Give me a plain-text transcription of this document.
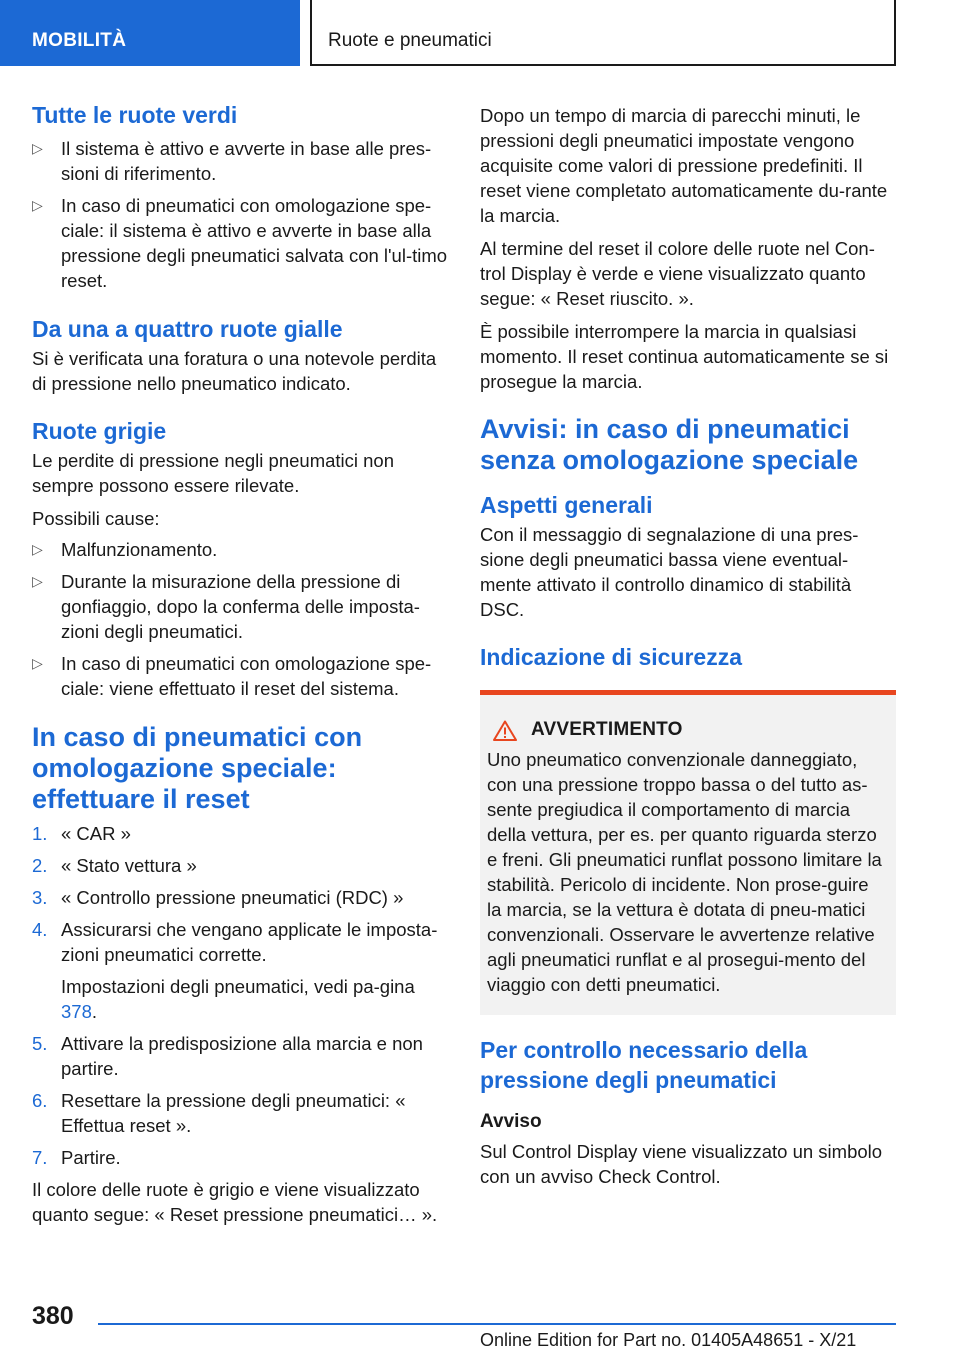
MOBILITÀ	Ruote e pneumatici
Tutte le ruote verdi
▷ Il sistema è attivo e avverte in base alle pres-sioni di riferimento.
▷ In caso di pneumatici con omologazione spe-ciale: il sistema è attivo e avverte in base alla pressione degli pneumatici salvata con l'ul-timo reset.
Da una a quattro ruote gialle

Si è verificata una foratura o una notevole perdita di pressione nello pneumatico indicato.

Ruote grigie

Le perdite di pressione negli pneumatici non sempre possono essere rilevate.

Possibili cause:

▷ Malfunzionamento.
▷ Durante la misurazione della pressione di gonfiaggio, dopo la conferma delle imposta-zioni degli pneumatici.
▷ In caso di pneumatici con omologazione spe-ciale: viene effettuato il reset del sistema.
In caso di pneumatici con omologazione speciale: effettuare il reset
1. « CAR »
2. « Stato vettura »
3. « Controllo pressione pneumatici (RDC) »
4. Assicurarsi che vengano applicate le imposta-zioni pneumatici corrette.
Impostazioni degli pneumatici, vedi pa-gina 378.
5. Attivare la predisposizione alla marcia e non partire.
6. Resettare la pressione degli pneumatici: « Effettua reset ».
7. Partire.

Il colore delle ruote è grigio e viene visualizzato quanto segue: « Reset pressione pneumatici… ».

Dopo un tempo di marcia di parecchi minuti, le pressioni degli pneumatici impostate vengono acquisite come valori di pressione predefiniti. Il reset viene completato automaticamente du-rante la marcia.

Al termine del reset il colore delle ruote nel Con-trol Display è verde e viene visualizzato quanto segue: « Reset riuscito. ».

È possibile interrompere la marcia in qualsiasi momento. Il reset continua automaticamente se si prosegue la marcia.

Avvisi: in caso di pneumatici senza omologazione speciale
Aspetti generali

Con il messaggio di segnalazione di una pres-sione degli pneumatici bassa viene eventual-mente attivato il controllo dinamico di stabilità DSC.

Indicazione di sicurezza
AVVERTIMENTO

Uno pneumatico convenzionale danneggiato, con una pressione troppo bassa o del tutto as-sente pregiudica il comportamento di marcia della vettura, per es. per quanto riguarda sterzo e freni. Gli pneumatici runflat possono limitare la stabilità. Pericolo di incidente. Non prose-guire la marcia, se la vettura è dotata di pneu-matici convenzionali. Osservare le avvertenze relative agli pneumatici runflat e al prosegui-mento del viaggio con detti pneumatici.

Per controllo necessario della pressione degli pneumatici
Avviso

Sul Control Display viene visualizzato un simbolo con un avviso Check Control.

380
Online Edition for Part no. 01405A48651 - X/21
